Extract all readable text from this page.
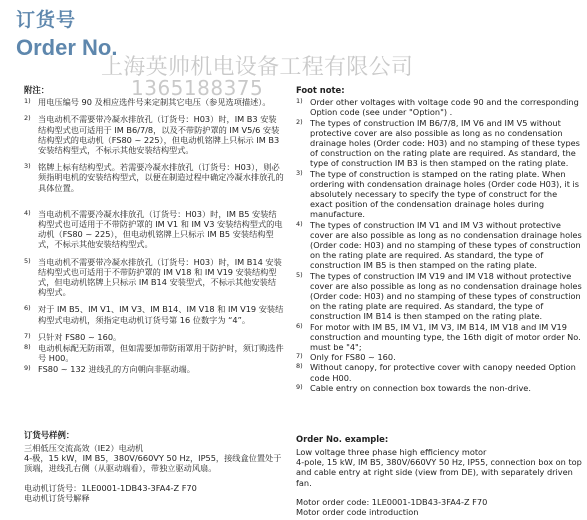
订货号
Order No.
上海英帅机电设备工程有限公司
1365188375
附注：
1) 用电压编号 90 及相应选件号来定制其它电压（参见选项描述）。
2) 当电动机不需要带冷凝水排放孔（订货号：H03）时，IM B3 安装结构型式也可适用于 IM B6/7/8，以及不带防护罩的 IM V5/6 安装结构型式的电动机（FS80 ~ 225），但电动机铭牌上只标示 IM B3 安装结构型式，不标示其他安装结构型式。
3) 铭牌上标有结构型式。若需要冷凝水排放孔（订货号：H03），则必须指明电机的安装结构型式，以便在制造过程中确定冷凝水排放孔的具体位置。
4) 当电动机不需要冷凝水排放孔（订货号：H03）时，IM B5 安装结构型式也可适用于不带防护罩的 IM V1 和 IM V3 安装结构型式的电动机（FS80 ~ 225），但电动机铭牌上只标示 IM B5 安装结构型式，不标示其他安装结构型式。
5) 当电动机不需要带冷凝水排放孔（订货号：H03）时，IM B14 安装结构型式也可适用于不带防护罩的 IM V18 和 IM V19 安装结构型式，但电动机铭牌上只标示 IM B14 安装型式，不标示其他安装结构型式。
6) 对于 IM B5、IM V1、IM V3、IM B14、IM V18 和 IM V19 安装结构型式电动机，须指定电动机订货号第 16 位数字为 “4”。
7) 只针对 FS80 ~ 160。
8) 电动机标配无防雨罩，但如需要加带防雨罩用于防护时，须订购选件号 H00。
9) FS80 ~ 132 进线孔的方向朝向非驱动端。
订货号样例：

三相低压交流高效（IE2）电动机

4-极，15 kW，IM B5，380V/660VY 50 Hz，IP55，接线盒位置处于顶端，进线孔右侧（从驱动端看），带独立驱动风扇。

电动机订货号：1LE0001-1DB43-3FA4-Z F70

电动机订货号解释

Foot note:
1) Order other voltages with voltage code 90 and the corresponding Option code (see under "Option") .
2) The types of construction IM B6/7/8, IM V6 and IM V5 without protective cover are also possible as long as no condensation drainage holes (Order code: H03) and no stamping of these types of construction on the rating plate are required. As standard, the type of construction IM B3 is then stamped on the rating plate.
3) The type of construction is stamped on the rating plate. When ordering with condensation drainage holes (Order code H03), it is absolutely necessary to specify the type of construct for the exact position of the condensation drainage holes during manufacture.
4) The types of construction IM V1 and IM V3 without protective cover are also possible as long as no condensation drainage holes (Order code: H03) and no stamping of these types of construction on the rating plate are required. As standard, the type of construction IM B5 is then stamped on the rating plate.
5) The types of construction IM V19 and IM V18 without protective cover are also possible as long as no condensation drainage holes (Order code: H03) and no stamping of these types of construction on the rating plate are required. As standard, the type of construction IM B14 is then stamped on the rating plate.
6) For motor with IM B5, IM V1, IM V3, IM B14, IM V18 and IM V19 construction and mounting type, the 16th digit of motor order No. must be "4";
7) Only for FS80 ~ 160.
8) Without canopy, for protective cover with canopy needed Option code H00.
9) Cable entry on connection box towards the non-drive.
Order No. example:

Low voltage three phase high efficiency motor

4-pole, 15 kW, IM B5, 380V/660VY 50 Hz, IP55, connection box on top and cable entry at right side (view from DE), with separately driven fan.

Motor order code: 1LE0001-1DB43-3FA4-Z F70

Motor order code introduction
